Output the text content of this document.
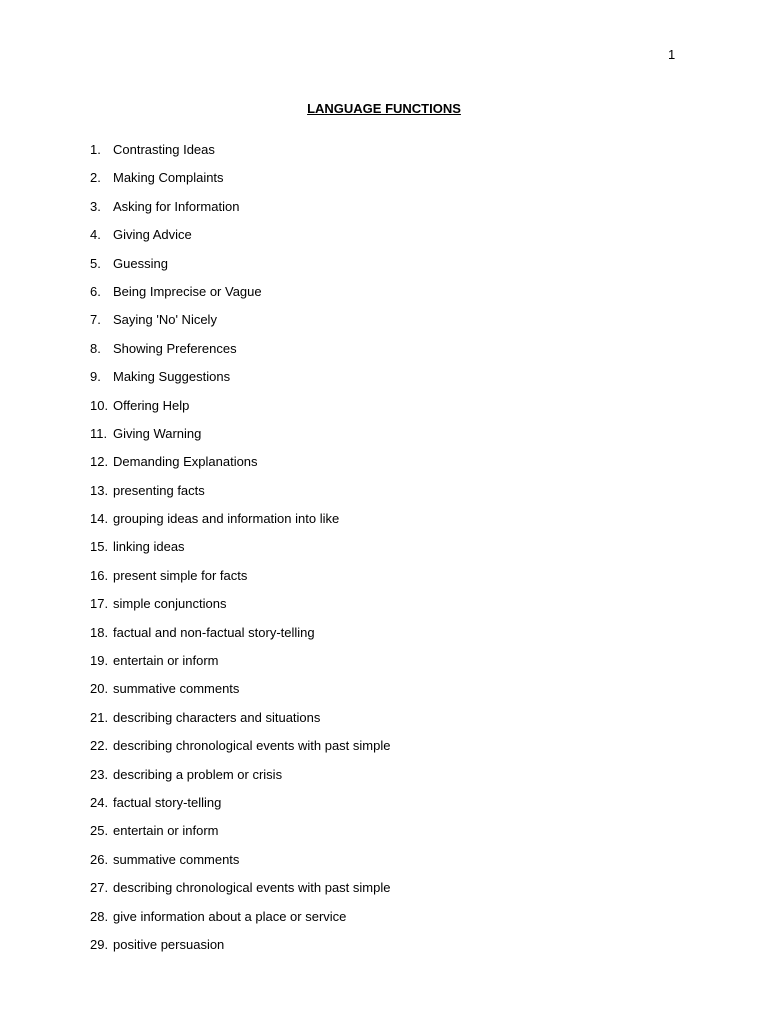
1
LANGUAGE FUNCTIONS
1. Contrasting Ideas
2. Making Complaints
3. Asking for Information
4. Giving Advice
5. Guessing
6. Being Imprecise or Vague
7. Saying 'No' Nicely
8. Showing Preferences
9. Making Suggestions
10. Offering Help
11. Giving Warning
12. Demanding Explanations
13. presenting facts
14. grouping ideas and information into like
15. linking ideas
16. present simple for facts
17. simple conjunctions
18. factual and non-factual story-telling
19. entertain or inform
20. summative comments
21. describing characters and situations
22. describing chronological events with past simple
23. describing a problem or crisis
24. factual story-telling
25. entertain or inform
26. summative comments
27. describing chronological events with past simple
28. give information about a place or service
29. positive persuasion
